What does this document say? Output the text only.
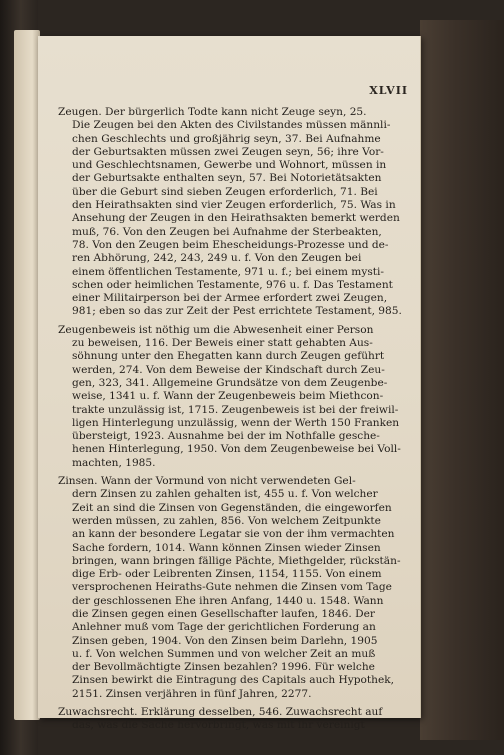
XLVII
Zeugen. Der bürgerlich Todte kann nicht Zeuge seyn, 25.
Die Zeugen bei den Akten des Civilstandes müssen männli-
chen Geschlechts und großjährig seyn, 37. Bei Aufnahme
der Geburtsakten müssen zwei Zeugen seyn, 56; ihre Vor-
und Geschlechtsnamen, Gewerbe und Wohnort, müssen in
der Geburtsakte enthalten seyn, 57. Bei Notorietätsakten
über die Geburt sind sieben Zeugen erforderlich, 71. Bei
den Heirathsakten sind vier Zeugen erforderlich, 75. Was in
Ansehung der Zeugen in den Heirathsakten bemerkt werden
muß, 76. Von den Zeugen bei Aufnahme der Sterbeakten,
78. Von den Zeugen beim Ehescheidungs-Prozesse und de-
ren Abhörung, 242, 243, 249 u. f. Von den Zeugen bei
einem öffentlichen Testamente, 971 u. f.; bei einem mysti-
schen oder heimlichen Testamente, 976 u. f. Das Testament
einer Militairperson bei der Armee erfordert zwei Zeugen,
981; eben so das zur Zeit der Pest errichtete Testament, 985.
Zeugenbeweis ist nöthig um die Abwesenheit einer Person
zu beweisen, 116. Der Beweis einer statt gehabten Aus-
söhnung unter den Ehegatten kann durch Zeugen geführt
werden, 274. Von dem Beweise der Kindschaft durch Zeu-
gen, 323, 341. Allgemeine Grundsätze von dem Zeugenbe-
weise, 1341 u. f. Wann der Zeugenbeweis beim Miethcon-
trakte unzulässig ist, 1715. Zeugenbeweis ist bei der freiwil-
ligen Hinterlegung unzulässig, wenn der Werth 150 Franken
übersteigt, 1923. Ausnahme bei der im Nothfalle gesche-
henen Hinterlegung, 1950. Von dem Zeugenbeweise bei Voll-
machten, 1985.
Zinsen. Wann der Vormund von nicht verwendeten Gel-
dern Zinsen zu zahlen gehalten ist, 455 u. f. Von welcher
Zeit an sind die Zinsen von Gegenständen, die eingeworfen
werden müssen, zu zahlen, 856. Von welchem Zeitpunkte
an kann der besondere Legatar sie von der ihm vermachten
Sache fordern, 1014. Wann können Zinsen wieder Zinsen
bringen, wann bringen fällige Pächte, Miethgelder, rückstän-
dige Erb- oder Leibrenten Zinsen, 1154, 1155. Von einem
versprochenen Heiraths-Gute nehmen die Zinsen vom Tage
der geschlossenen Ehe ihren Anfang, 1440 u. 1548. Wann
die Zinsen gegen einen Gesellschafter laufen, 1846. Der
Anlehner muß vom Tage der gerichtlichen Forderung an
Zinsen geben, 1904. Von den Zinsen beim Darlehn, 1905
u. f. Von welchen Summen und von welcher Zeit an muß
der Bevollmächtigte Zinsen bezahlen? 1996. Für welche
Zinsen bewirkt die Eintragung des Capitals auch Hypothek,
2151. Zinsen verjähren in fünf Jahren, 2277.
Zuwachsrecht. Erklärung desselben, 546. Zuwachsrecht auf
das, was die Sache hervorbringt, was mit ihr vereinigt
